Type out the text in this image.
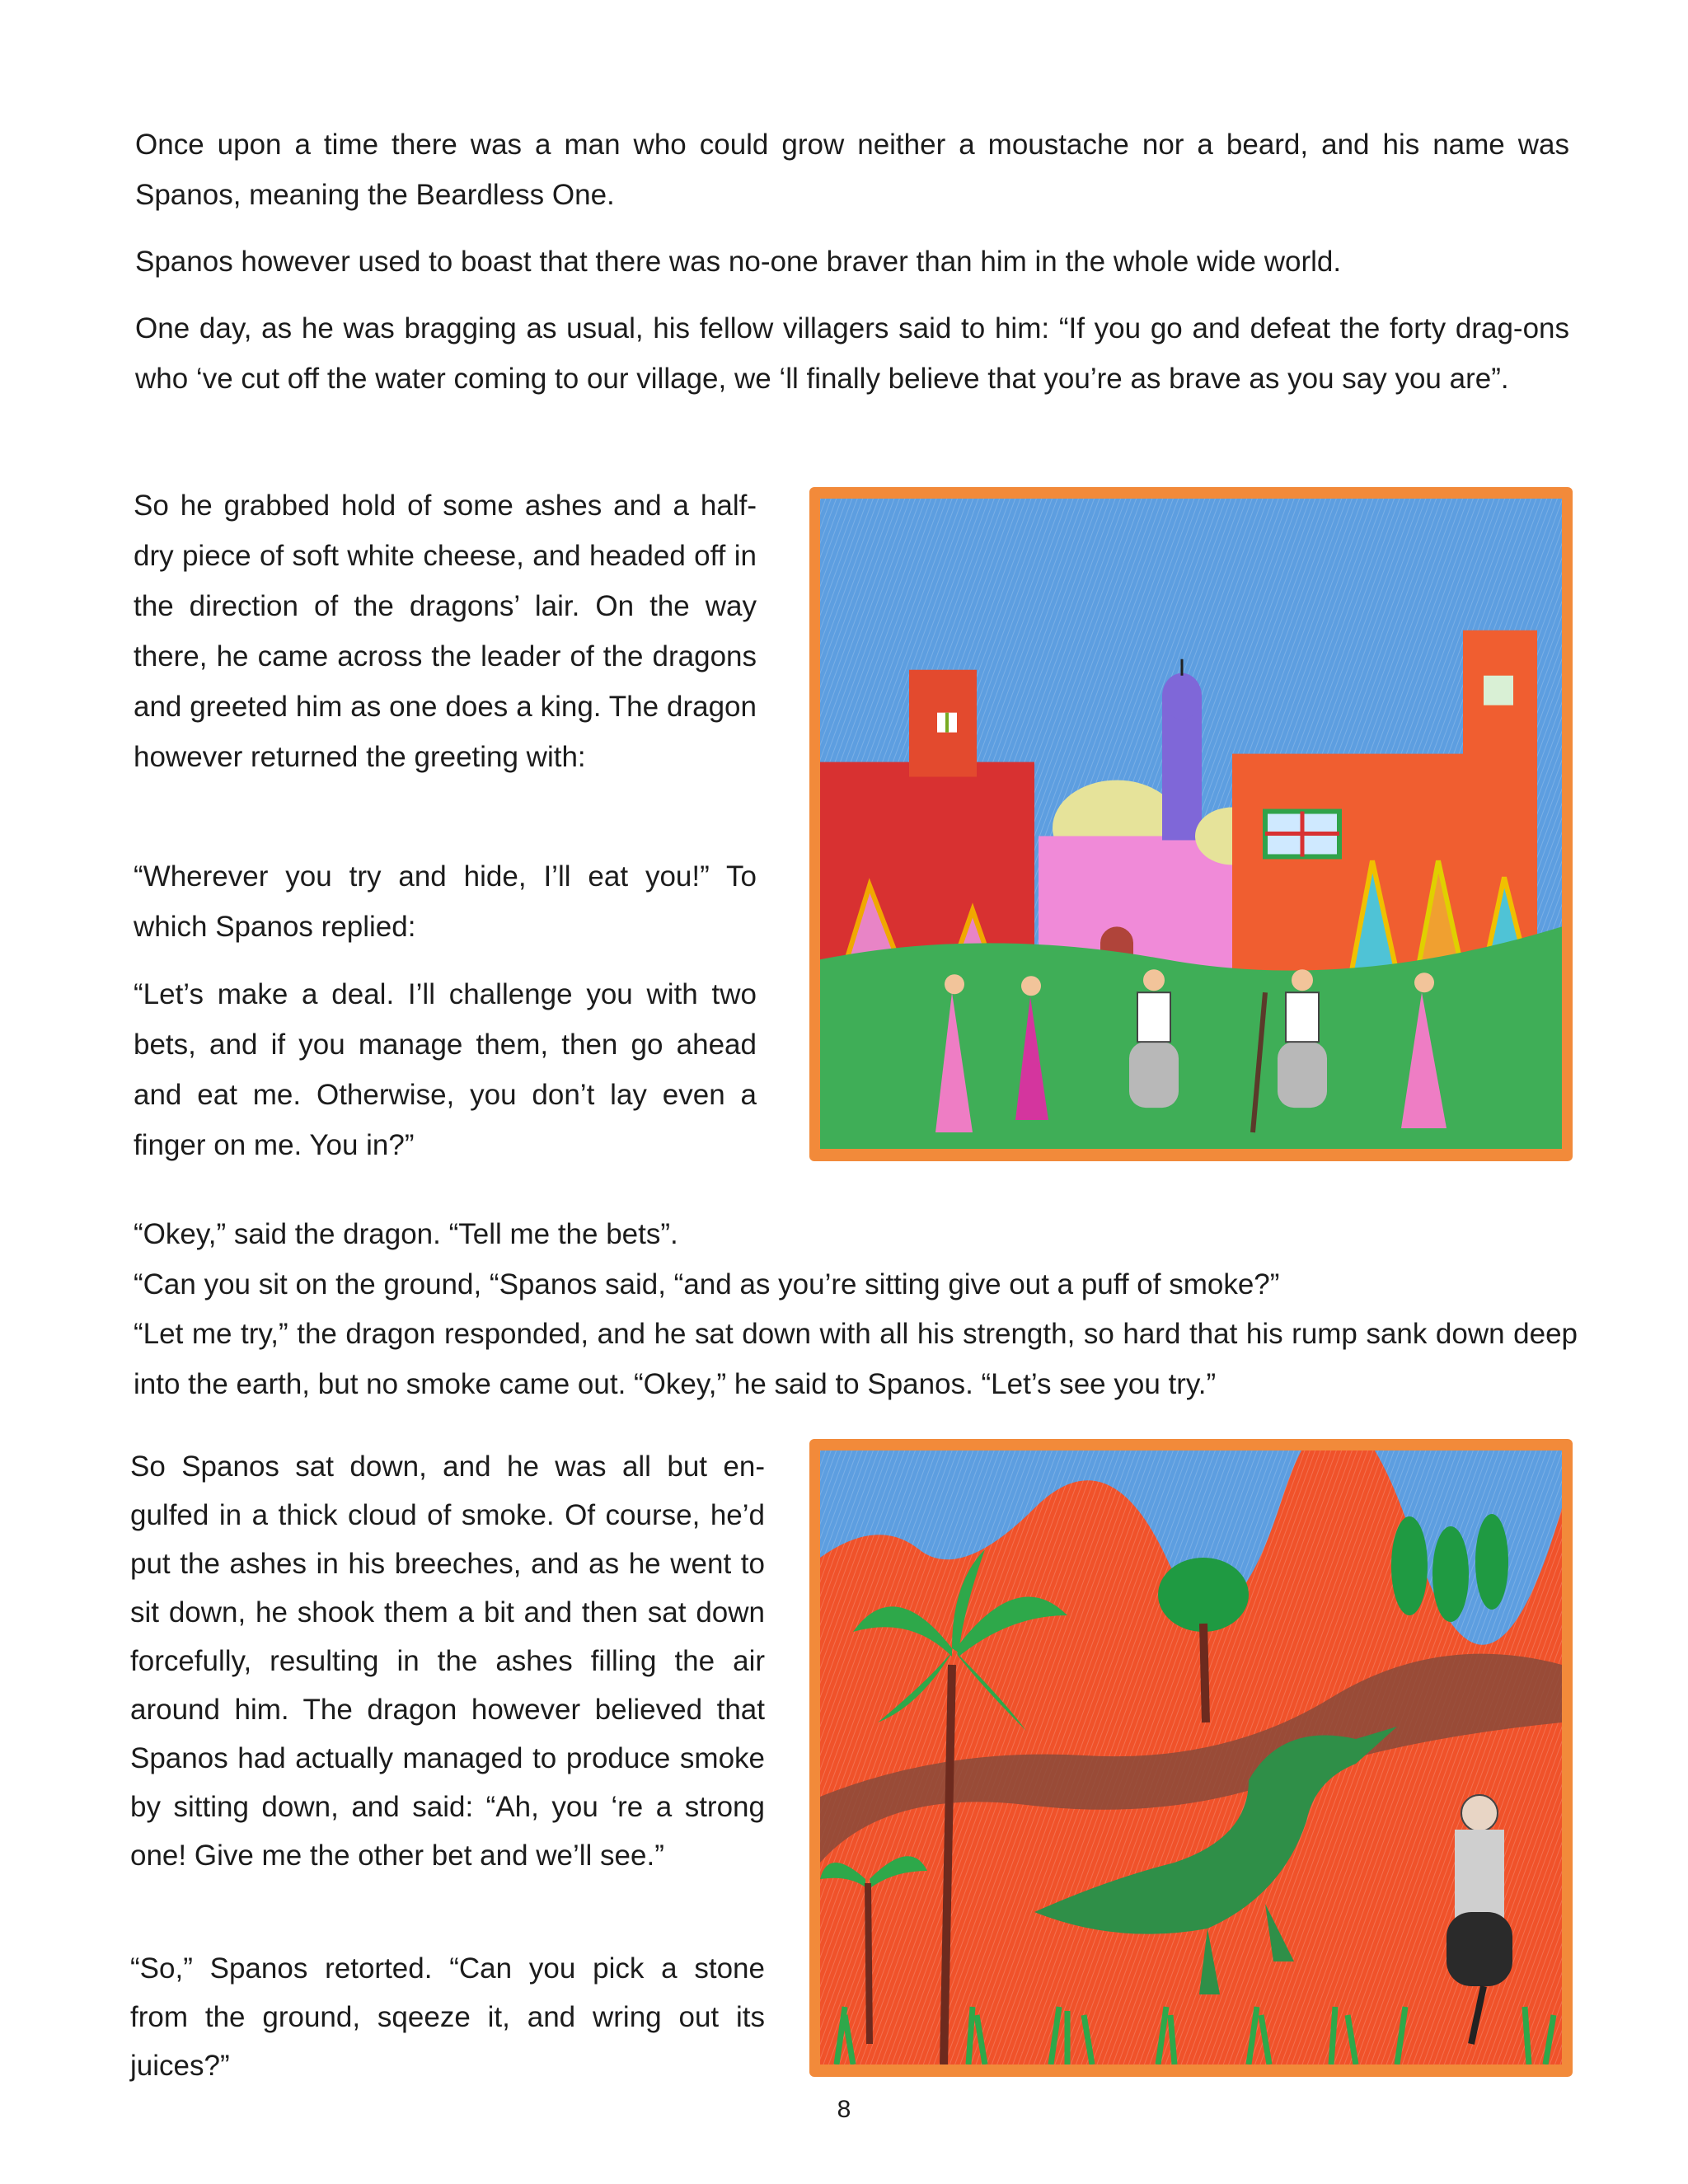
Once upon a time there was a man who could grow neither a moustache nor a beard, and his name was Spanos, meaning the Beardless One.

Spanos however used to boast that there was no-one braver than him in the whole wide world.

One day, as he was bragging as usual, his fellow villagers said to him: “If you go and defeat the forty drag-ons who ‘ve cut off the water coming to our village, we ‘ll finally believe that you’re as brave as you say you are”.

So he grabbed hold of some ashes and a half-dry piece of soft white cheese, and headed off in the direction of the dragons’ lair. On the way there, he came across the leader of the dragons and greeted him as one does a king. The dragon however returned the greeting with:

“Wherever you try and hide, I’ll eat you!” To which Spanos replied:

“Let’s make a deal. I’ll challenge you with two bets, and if you manage them, then go ahead and eat me. Otherwise, you don’t lay even a finger on me. You in?”

“Okey,” said the dragon. “Tell me the bets”.

“Can you sit on the ground, “Spanos said, “and as you’re sitting give out a puff of smoke?”

“Let me try,” the dragon responded, and he sat down with all his strength, so hard that his rump sank down deep into the earth, but no smoke came out. “Okey,” he said to Spanos. “Let’s see you try.”

So Spanos sat down, and he was all but en-gulfed in a thick cloud of smoke. Of course, he’d put the ashes in his breeches, and as he went to sit down, he shook them a bit and then sat down forcefully, resulting in the ashes filling the air around him. The dragon however believed that Spanos had actually managed to produce smoke by sitting down, and said: “Ah, you ‘re a strong one! Give me the other bet and we’ll see.”

“So,” Spanos retorted. “Can you pick a stone from the ground, sqeeze it, and wring out its juices?”

8
